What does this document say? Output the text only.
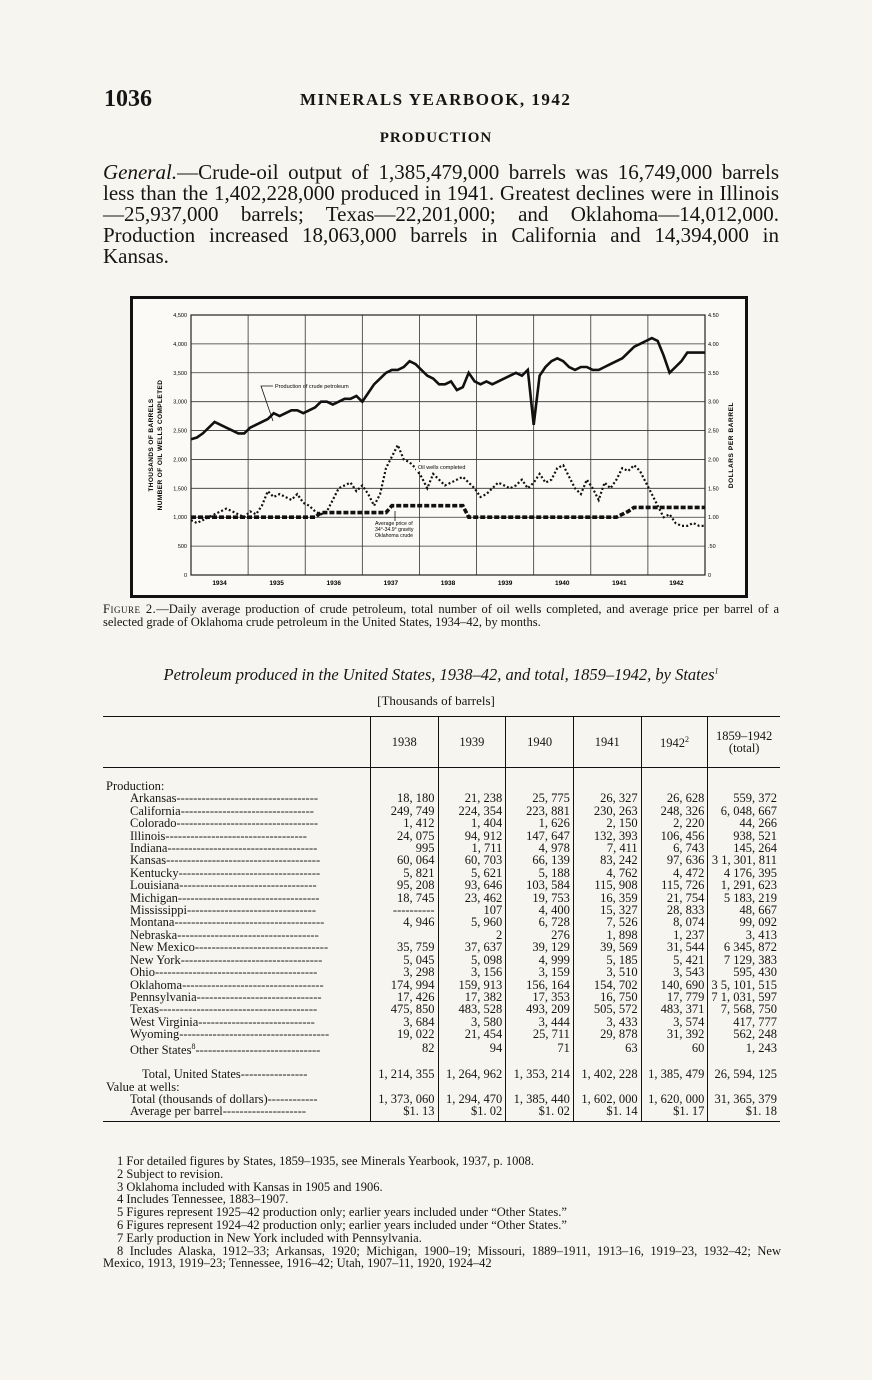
1036	MINERALS YEARBOOK, 1942
PRODUCTION
General.—Crude-oil output of 1,385,479,000 barrels was 16,749,000 barrels less than the 1,402,228,000 produced in 1941. Greatest declines were in Illinois—25,937,000 barrels; Texas—22,201,000; and Oklahoma—14,012,000. Production increased 18,063,000 barrels in California and 14,394,000 in Kansas.
0
500
1,000
1,500
2,000
2,500
3,000
3,500
4,000
4,500
0
.50
1.00
1.50
2.00
2.50
3.00
3.50
4.00
4.50
1934	1935	1936	1937	1938	1939	1940	1941	1942
THOUSANDS OF BARRELS NUMBER OF OIL WELLS COMPLETED	DOLLARS PER BARREL
Production of crude petroleum
Oil wells completed
Average price of
34°-34.9° gravity
Oklahoma crude
Figure 2.—Daily average production of crude petroleum, total number of oil wells completed, and average price per barrel of a selected grade of Oklahoma crude petroleum in the United States, 1934–42, by months.
Petroleum produced in the United States, 1938–42, and total, 1859–1942, by States$^1$
[Thousands of barrels]
	1938	1939	1940	1941	1942$^2$	1859–1942 (total)

Production:						
Arkansas----------------------------------	18, 180	21, 238	25, 775	26, 327	26, 628	559, 372
California--------------------------------	249, 749	224, 354	223, 881	230, 263	248, 326	6, 048, 667
Colorado----------------------------------	1, 412	1, 404	1, 626	2, 150	2, 220	44, 266
Illinois----------------------------------	24, 075	94, 912	147, 647	132, 393	106, 456	938, 521
Indiana------------------------------------	995	1, 711	4, 978	7, 411	6, 743	145, 264
Kansas-------------------------------------	60, 064	60, 703	66, 139	83, 242	97, 636	3 1, 301, 811
Kentucky----------------------------------	5, 821	5, 621	5, 188	4, 762	4, 472	4 176, 395
Louisiana---------------------------------	95, 208	93, 646	103, 584	115, 908	115, 726	1, 291, 623
Michigan----------------------------------	18, 745	23, 462	19, 753	16, 359	21, 754	5 183, 219
Mississippi-------------------------------	----------	107	4, 400	15, 327	28, 833	48, 667
Montana------------------------------------	4, 946	5, 960	6, 728	7, 526	8, 074	99, 092
Nebraska----------------------------------		2	276	1, 898	1, 237	3, 413
New Mexico--------------------------------	35, 759	37, 637	39, 129	39, 569	31, 544	6 345, 872
New York----------------------------------	5, 045	5, 098	4, 999	5, 185	5, 421	7 129, 383
Ohio---------------------------------------	3, 298	3, 156	3, 159	3, 510	3, 543	595, 430
Oklahoma----------------------------------	174, 994	159, 913	156, 164	154, 702	140, 690	3 5, 101, 515
Pennsylvania------------------------------	17, 426	17, 382	17, 353	16, 750	17, 779	7 1, 031, 597
Texas--------------------------------------	475, 850	483, 528	493, 209	505, 572	483, 371	7, 568, 750
West Virginia----------------------------	3, 684	3, 580	3, 444	3, 433	3, 574	417, 777
Wyoming------------------------------------	19, 022	21, 454	25, 711	29, 878	31, 392	562, 248
Other States$^8$------------------------------	82	94	71	63	60	1, 243

Total, United States----------------	1, 214, 355	1, 264, 962	1, 353, 214	1, 402, 228	1, 385, 479	26, 594, 125
Value at wells:						
Total (thousands of dollars)------------	1, 373, 060	1, 294, 470	1, 385, 440	1, 602, 000	1, 620, 000	31, 365, 379
Average per barrel--------------------	$1. 13	$1. 02	$1. 02	$1. 14	$1. 17	$1. 18

1 For detailed figures by States, 1859–1935, see Minerals Yearbook, 1937, p. 1008.

2 Subject to revision.

3 Oklahoma included with Kansas in 1905 and 1906.

4 Includes Tennessee, 1883–1907.

5 Figures represent 1925–42 production only; earlier years included under “Other States.”

6 Figures represent 1924–42 production only; earlier years included under “Other States.”

7 Early production in New York included with Pennsylvania.

8 Includes Alaska, 1912–33; Arkansas, 1920; Michigan, 1900–19; Missouri, 1889–1911, 1913–16, 1919–23, 1932–42; New Mexico, 1913, 1919–23; Tennessee, 1916–42; Utah, 1907–11, 1920, 1924–42
